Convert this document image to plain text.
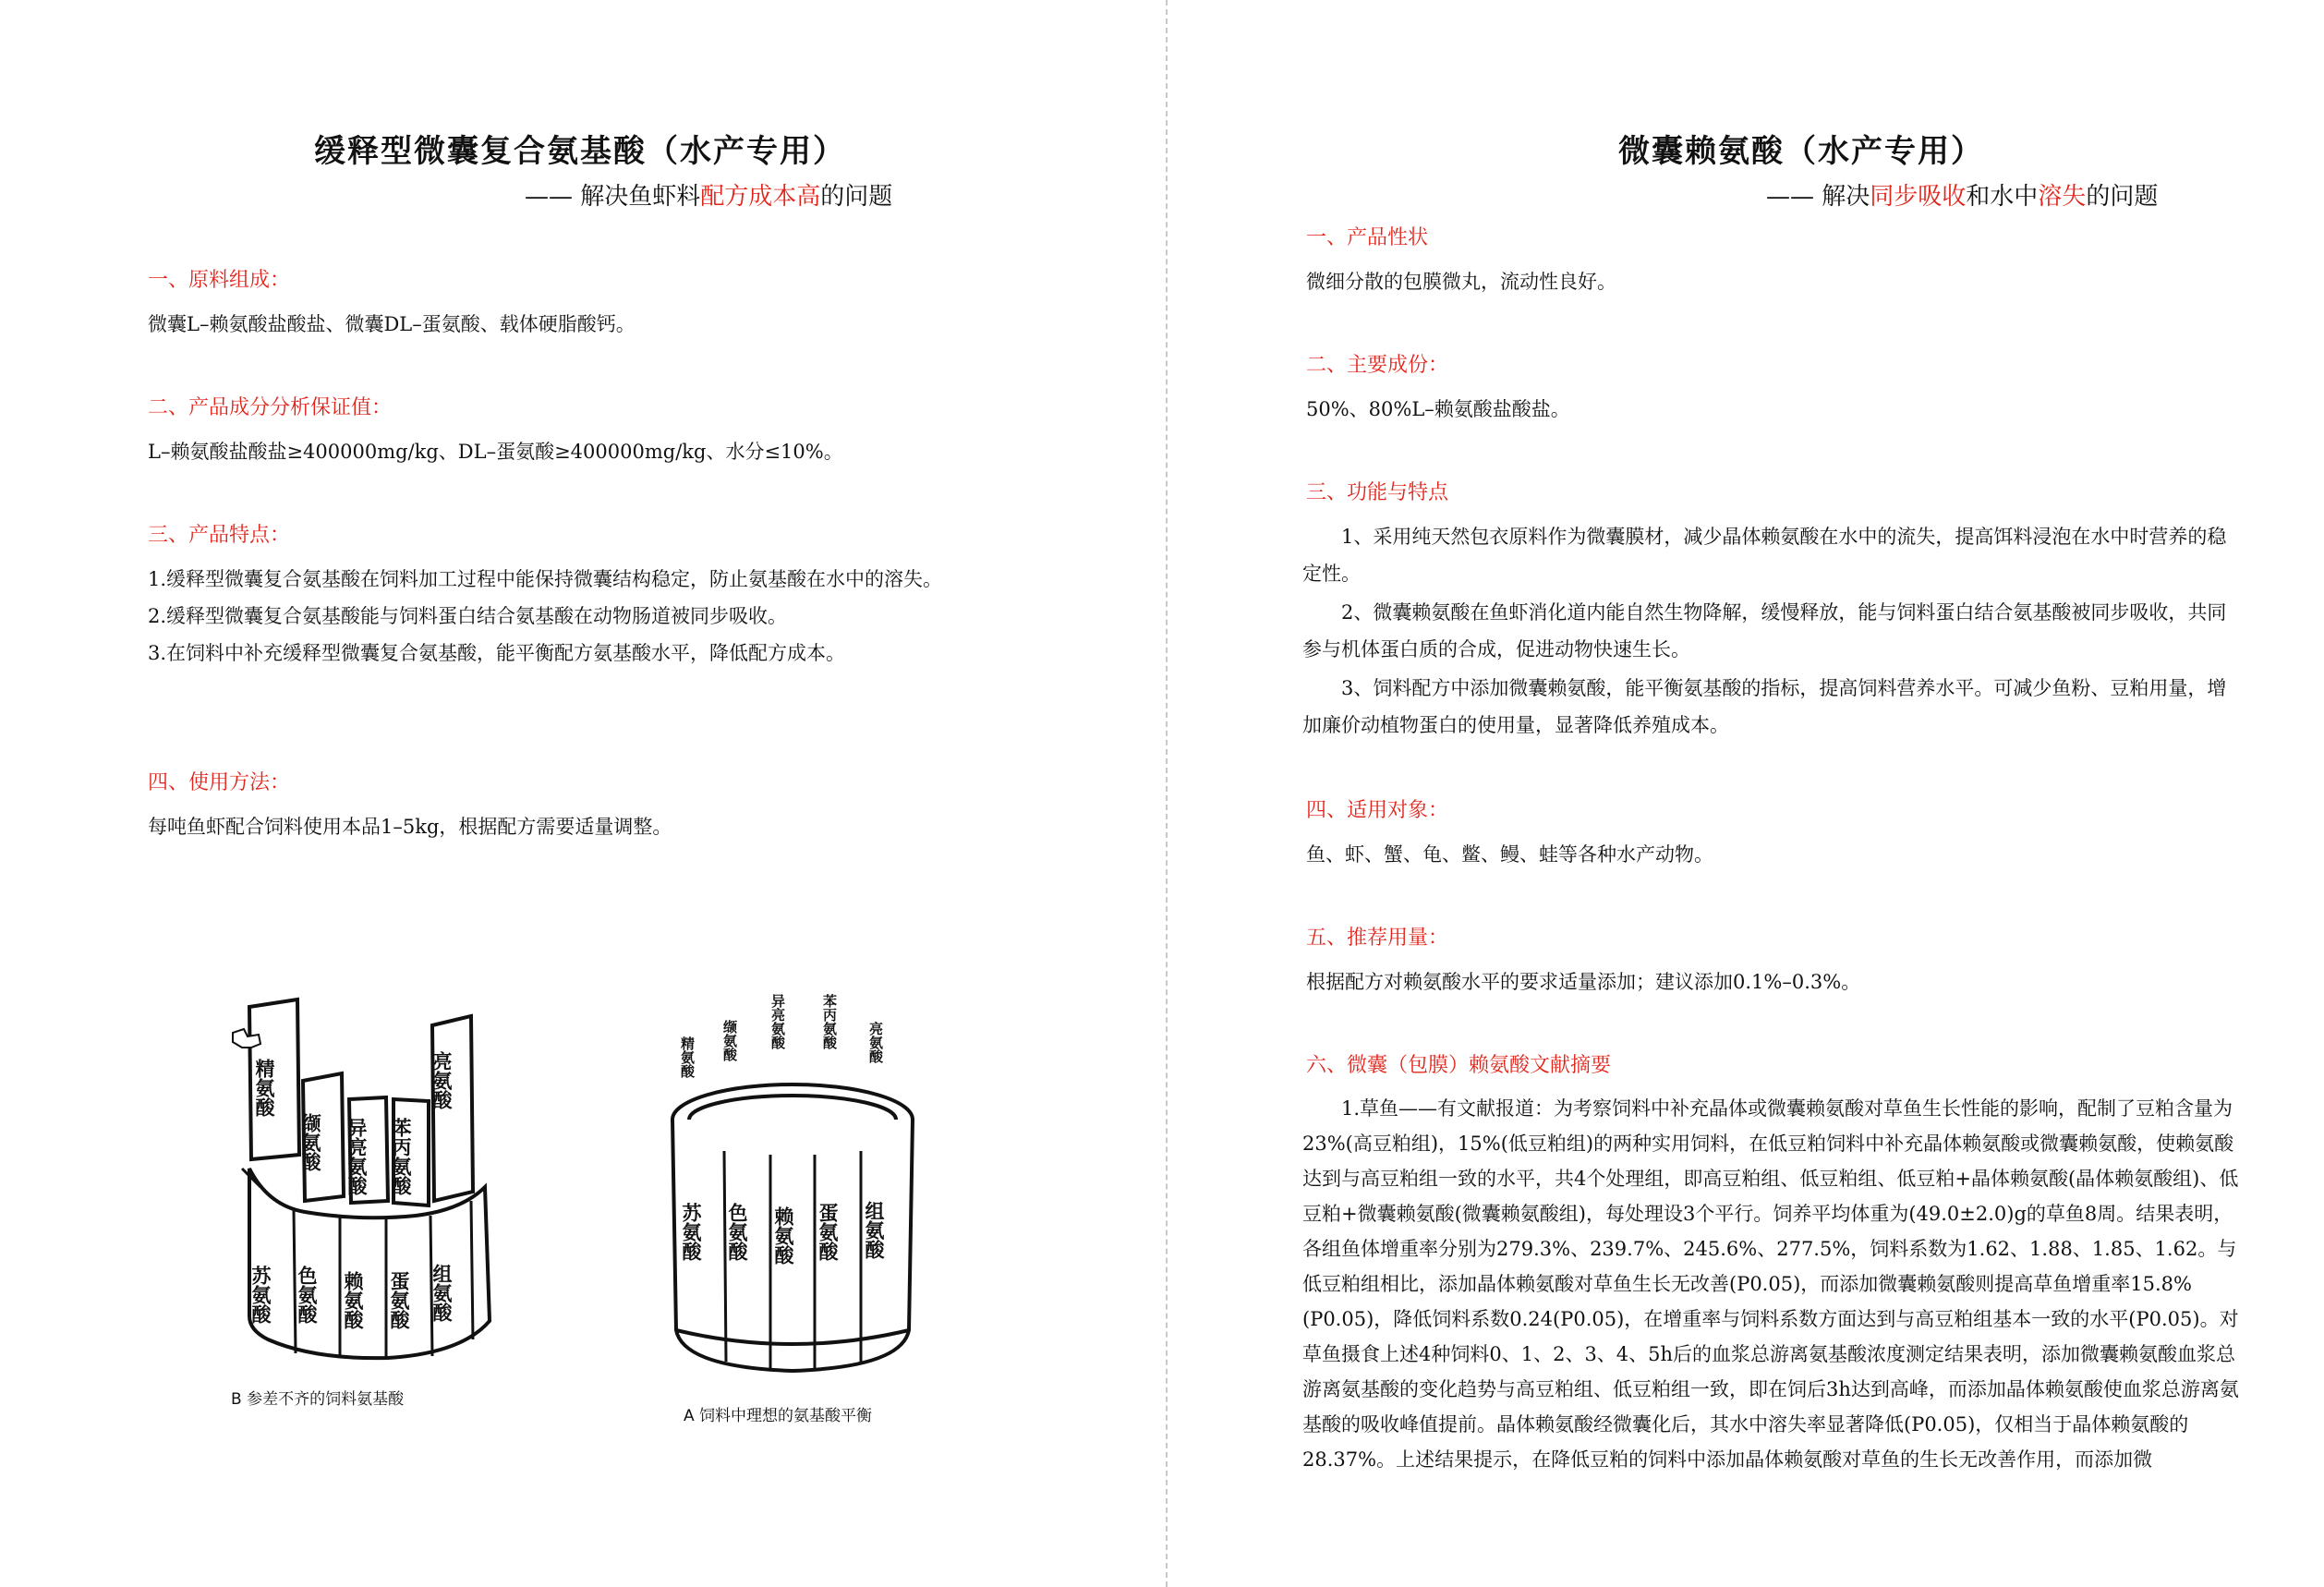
缓释型微囊复合氨基酸（水产专用）
—— 解决鱼虾料配方成本高的问题
一、原料组成：

微囊L–赖氨酸盐酸盐、微囊DL–蛋氨酸、载体硬脂酸钙。

二、产品成分分析保证值：

L–赖氨酸盐酸盐≥400000mg/kg、DL–蛋氨酸≥400000mg/kg、水分≤10%。

三、产品特点：

1.缓释型微囊复合氨基酸在饲料加工过程中能保持微囊结构稳定，防止氨基酸在水中的溶失。

2.缓释型微囊复合氨基酸能与饲料蛋白结合氨基酸在动物肠道被同步吸收。

3.在饲料中补充缓释型微囊复合氨基酸，能平衡配方氨基酸水平，降低配方成本。

四、使用方法：

每吨鱼虾配合饲料使用本品1–5kg，根据配方需要适量调整。

精氨酸
缬氨酸 异亮氨酸 苯丙氨酸
亮氨酸
苏氨酸 色氨酸 赖氨酸 蛋氨酸 组氨酸
B 参差不齐的饲料氨基酸
精氨酸 缬氨酸 异亮氨酸	苯丙氨酸 亮氨酸
苏氨酸 色氨酸 赖氨酸 蛋氨酸 组氨酸
A 饲料中理想的氨基酸平衡
微囊赖氨酸（水产专用）
—— 解决同步吸收和水中溶失的问题
一、产品性状

微细分散的包膜微丸，流动性良好。

二、主要成份：

50%、80%L–赖氨酸盐酸盐。

三、功能与特点

1、采用纯天然包衣原料作为微囊膜材，减少晶体赖氨酸在水中的流失，提高饵料浸泡在水中时营养的稳定性。

2、微囊赖氨酸在鱼虾消化道内能自然生物降解，缓慢释放，能与饲料蛋白结合氨基酸被同步吸收，共同参与机体蛋白质的合成，促进动物快速生长。

3、饲料配方中添加微囊赖氨酸，能平衡氨基酸的指标，提高饲料营养水平。可减少鱼粉、豆粕用量，增加廉价动植物蛋白的使用量，显著降低养殖成本。

四、适用对象：

鱼、虾、蟹、龟、鳖、鳗、蛙等各种水产动物。

五、推荐用量：

根据配方对赖氨酸水平的要求适量添加；建议添加0.1%–0.3%。

六、微囊（包膜）赖氨酸文献摘要

1.草鱼——有文献报道：为考察饲料中补充晶体或微囊赖氨酸对草鱼生长性能的影响，配制了豆粕含量为23%(高豆粕组)，15%(低豆粕组)的两种实用饲料，在低豆粕饲料中补充晶体赖氨酸或微囊赖氨酸，使赖氨酸达到与高豆粕组一致的水平，共4个处理组，即高豆粕组、低豆粕组、低豆粕+晶体赖氨酸(晶体赖氨酸组)、低豆粕+微囊赖氨酸(微囊赖氨酸组)，每处理设3个平行。饲养平均体重为(49.0±2.0)g的草鱼8周。结果表明，各组鱼体增重率分别为279.3%、239.7%、245.6%、277.5%，饲料系数为1.62、1.88、1.85、1.62。与低豆粕组相比，添加晶体赖氨酸对草鱼生长无改善(P0.05)，而添加微囊赖氨酸则提高草鱼增重率15.8%(P0.05)，降低饲料系数0.24(P0.05)，在增重率与饲料系数方面达到与高豆粕组基本一致的水平(P0.05)。对草鱼摄食上述4种饲料0、1、2、3、4、5h后的血浆总游离氨基酸浓度测定结果表明，添加微囊赖氨酸血浆总游离氨基酸的变化趋势与高豆粕组、低豆粕组一致，即在饲后3h达到高峰，而添加晶体赖氨酸使血浆总游离氨基酸的吸收峰值提前。晶体赖氨酸经微囊化后，其水中溶失率显著降低(P0.05)，仅相当于晶体赖氨酸的28.37%。上述结果提示，在降低豆粕的饲料中添加晶体赖氨酸对草鱼的生长无改善作用，而添加微
